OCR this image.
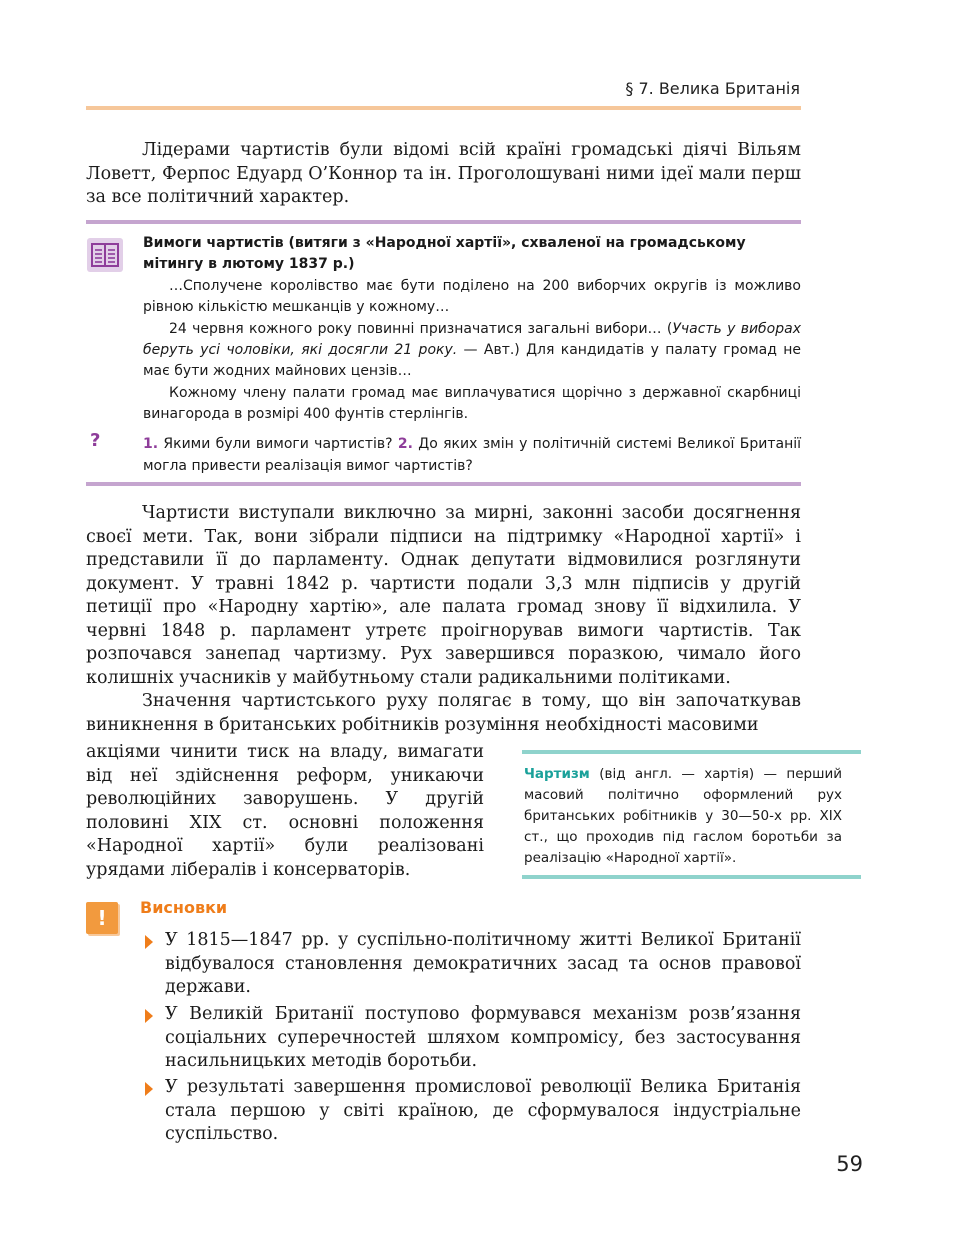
§ 7. Велика Британія

Лідерами чартистів були відомі всій країні громадські діячі Вільям Ловетт, Ферпос Едуард О’Коннор та ін. Проголошувані ними ідеї мали перш за все політичний характер.

Вимоги чартистів (витяги з «Народної хартії», схваленої на громадському мітингу в лютому 1837 р.)

…Сполучене королівство має бути поділено на 200 виборчих округів із можливо рівною кількістю мешканців у кожному…

24 червня кожного року повинні призначатися загальні вибори… (Участь у виборах беруть усі чоловіки, які досягли 21 року. — Авт.) Для кандидатів у палату громад не має бути жодних майнових цензів…

Кожному члену палати громад має виплачуватися щорічно з державної скарбниці винагорода в розмірі 400 фунтів стерлінгів.

?	1. Якими були вимоги чартистів? 2. До яких змін у політичній системі Великої Британії могла привести реалізація вимог чартистів?

Чартисти виступали виключно за мирні, законні засоби досягнення своєї мети. Так, вони зібрали підписи на підтримку «Народної хартії» і представили її до парламенту. Однак депутати відмовилися розглянути документ. У травні 1842 р. чартисти подали 3,3 млн підписів у другій петиції про «Народну хартію», але палата громад знову її відхилила. У червні 1848 р. парламент утретє проігнорував вимоги чартистів. Так розпочався занепад чартизму. Рух завершився поразкою, чимало його колишніх учасників у майбутньому стали радикальними політиками.

Значення чартистського руху полягає в тому, що він започаткував виникнення в британських робітників розуміння необхідності масовими

акціями чинити тиск на владу, вимагати від неї здійснення реформ, уникаючи революційних заворушень. У другій половині XIX ст. основні положення «Народної хартії» були реалізовані урядами лібералів і консерваторів.

Чартизм (від англ. — хартія) — перший масовий політично оформлений рух британських робітників у 30—50-х рр. XIX ст., що проходив під гаслом боротьби за реалізацію «Народної хартії».

!	Висновки

У 1815—1847 рр. у суспільно-політичному житті Великої Британії відбувалося становлення демократичних засад та основ правової держави.

У Великій Британії поступово формувався механізм розв’язання соціальних суперечностей шляхом компромісу, без застосування насильницьких методів боротьби.

У результаті завершення промислової революції Велика Британія стала першою у світі країною, де сформувалося індустріальне суспільство.

59
